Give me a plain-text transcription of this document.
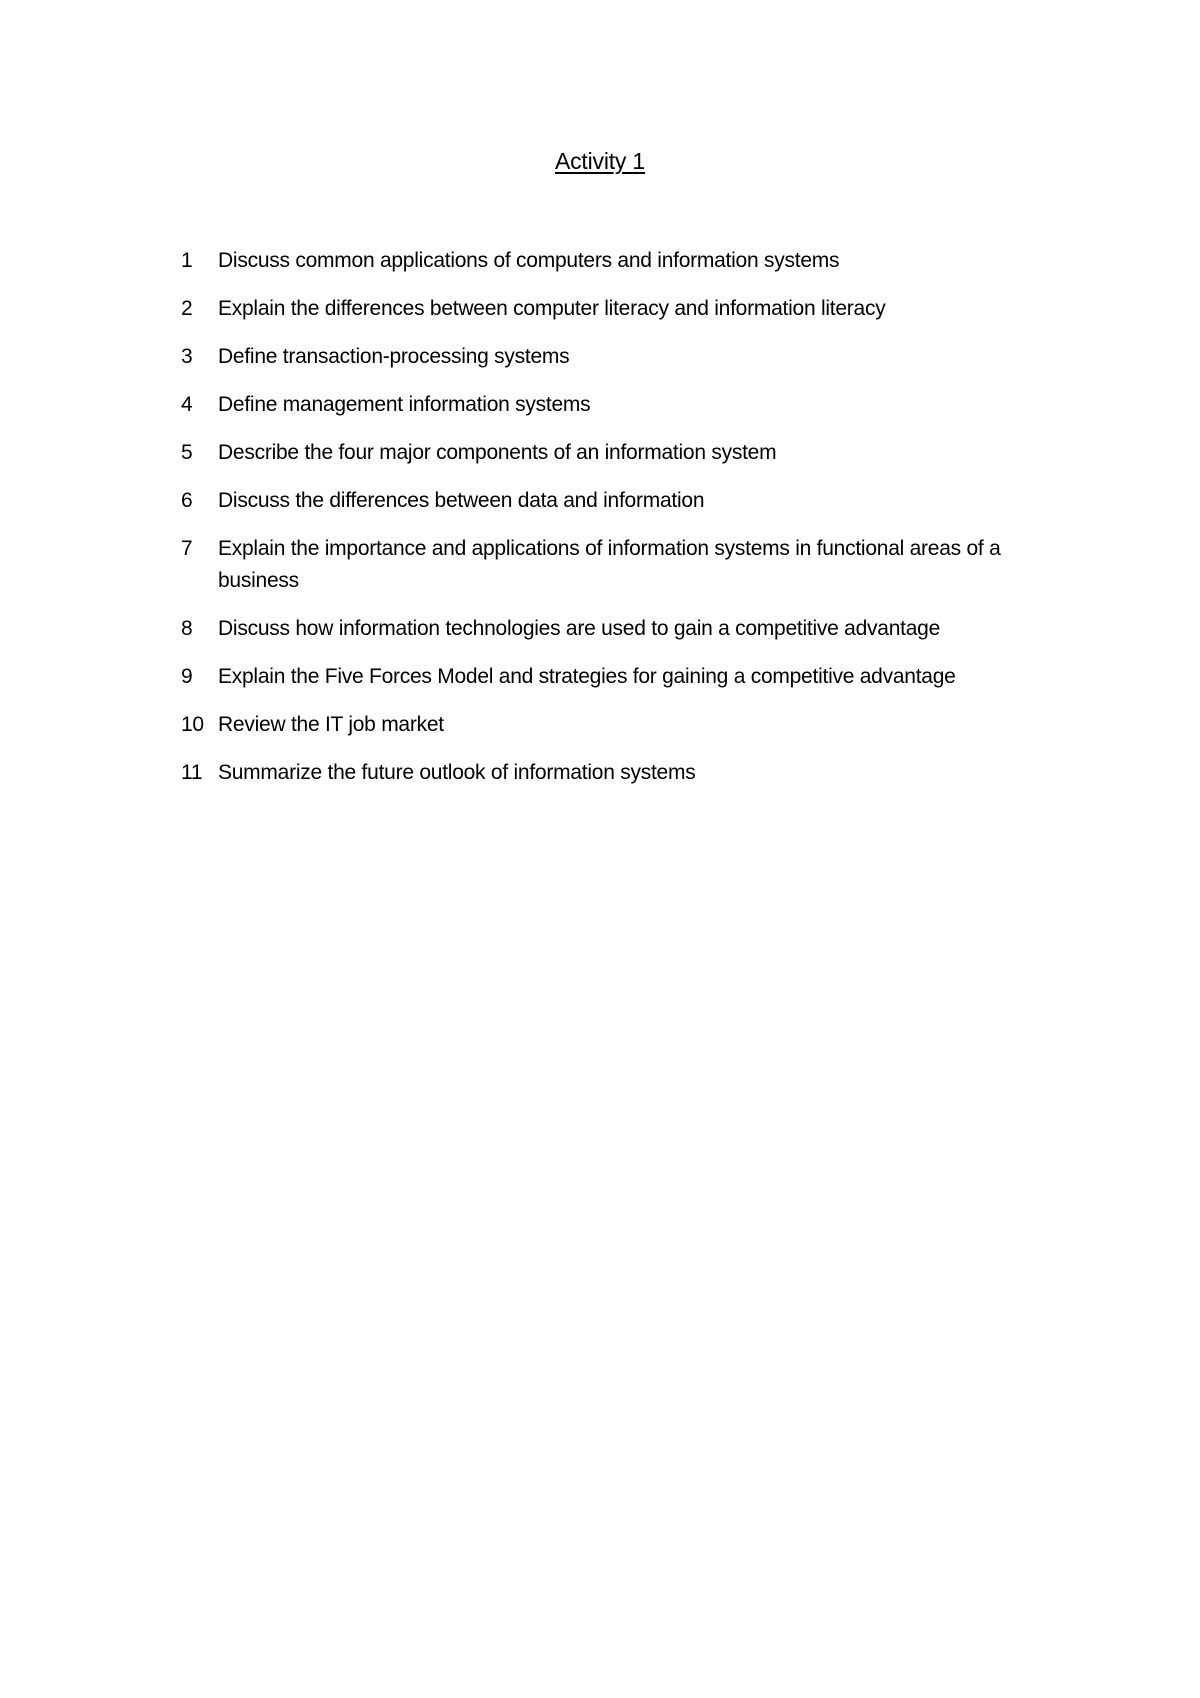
Activity 1
1	Discuss common applications of computers and information systems
2	Explain the differences between computer literacy and information literacy
3	Define transaction-processing systems
4	Define management information systems
5	Describe the four major components of an information system
6	Discuss the differences between data and information
7	Explain the importance and applications of information systems in functional areas of a business
8	Discuss how information technologies are used to gain a competitive advantage
9	Explain the Five Forces Model and strategies for gaining a competitive advantage
10 Review the IT job market
11 Summarize the future outlook of information systems
